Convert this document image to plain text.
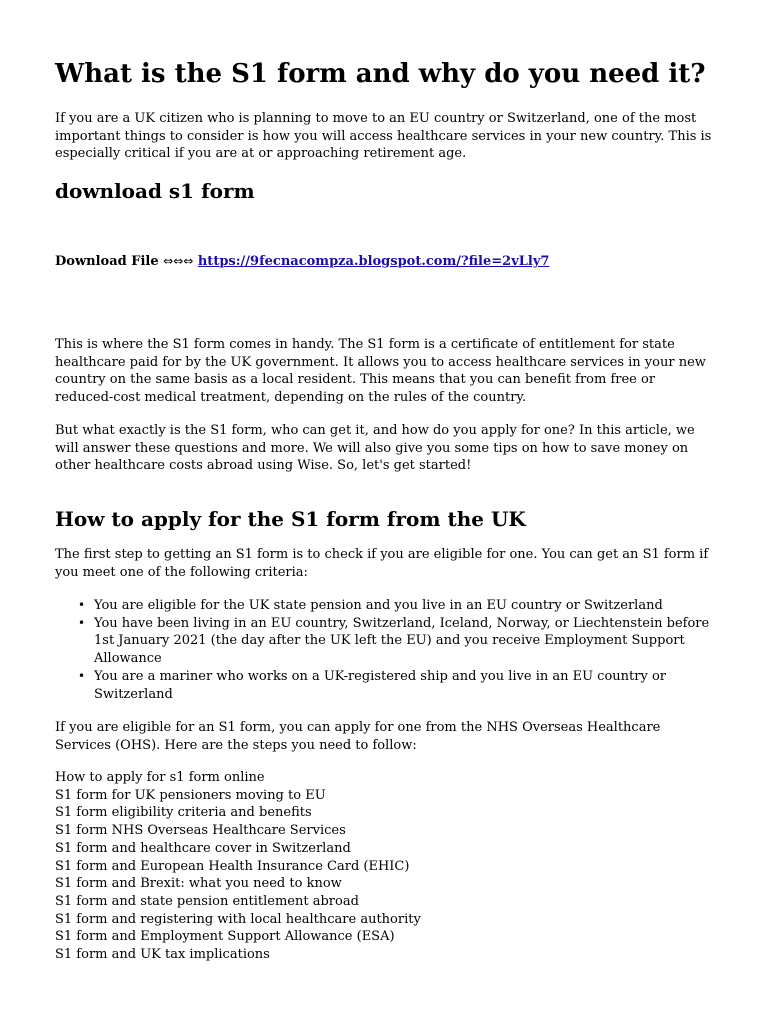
What is the S1 form and why do you need it?

If you are a UK citizen who is planning to move to an EU country or Switzerland, one of the most important things to consider is how you will access healthcare services in your new country. This is especially critical if you are at or approaching retirement age.

download s1 form

Download File ⇔⇔⇔ https://9fecnacompza.blogspot.com/?file=2vLly7

This is where the S1 form comes in handy. The S1 form is a certificate of entitlement for state healthcare paid for by the UK government. It allows you to access healthcare services in your new country on the same basis as a local resident. This means that you can benefit from free or reduced-cost medical treatment, depending on the rules of the country.

But what exactly is the S1 form, who can get it, and how do you apply for one? In this article, we will answer these questions and more. We will also give you some tips on how to save money on other healthcare costs abroad using Wise. So, let's get started!

How to apply for the S1 form from the UK

The first step to getting an S1 form is to check if you are eligible for one. You can get an S1 form if you meet one of the following criteria:

• You are eligible for the UK state pension and you live in an EU country or Switzerland
• You have been living in an EU country, Switzerland, Iceland, Norway, or Liechtenstein before 1st January 2021 (the day after the UK left the EU) and you receive Employment Support Allowance
• You are a mariner who works on a UK-registered ship and you live in an EU country or Switzerland

If you are eligible for an S1 form, you can apply for one from the NHS Overseas Healthcare Services (OHS). Here are the steps you need to follow:

How to apply for s1 form online
S1 form for UK pensioners moving to EU
S1 form eligibility criteria and benefits
S1 form NHS Overseas Healthcare Services
S1 form and healthcare cover in Switzerland
S1 form and European Health Insurance Card (EHIC)
S1 form and Brexit: what you need to know
S1 form and state pension entitlement abroad
S1 form and registering with local healthcare authority
S1 form and Employment Support Allowance (ESA)
S1 form and UK tax implications
